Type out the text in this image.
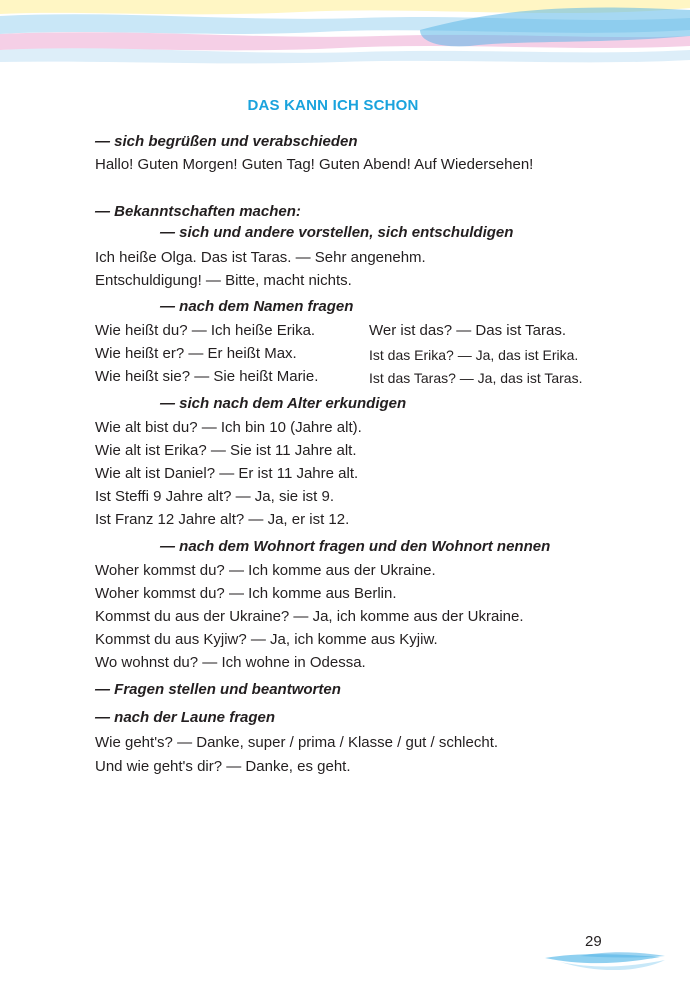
DAS KANN ICH SCHON
— sich begrüßen und verabschieden
Hallo! Guten Morgen! Guten Tag! Guten Abend! Auf Wiedersehen!
— Bekanntschaften machen:
— sich und andere vorstellen, sich entschuldigen
Ich heiße Olga. Das ist Taras. — Sehr angenehm.
Entschuldigung! — Bitte, macht nichts.
— nach dem Namen fragen
Wie heißt du? — Ich heiße Erika.	Wer ist das? — Das ist Taras.
Wie heißt er? — Er heißt Max.	Ist das Erika? — Ja, das ist Erika.
Wie heißt sie? — Sie heißt Marie.	Ist das Taras? — Ja, das ist Taras.
— sich nach dem Alter erkundigen
Wie alt bist du? — Ich bin 10 (Jahre alt).
Wie alt ist Erika? — Sie ist 11 Jahre alt.
Wie alt ist Daniel? — Er ist 11 Jahre alt.
Ist Steffi 9 Jahre alt? — Ja, sie ist 9.
Ist Franz 12 Jahre alt? — Ja, er ist 12.
— nach dem Wohnort fragen und den Wohnort nennen
Woher kommst du? — Ich komme aus der Ukraine.
Woher kommst du? — Ich komme aus Berlin.
Kommst du aus der Ukraine? — Ja, ich komme aus der Ukraine.
Kommst du aus Kyjiw? — Ja, ich komme aus Kyjiw.
Wo wohnst du? — Ich wohne in Odessa.
— Fragen stellen und beantworten
— nach der Laune fragen
Wie geht's? — Danke, super / prima / Klasse / gut / schlecht.
Und wie geht's dir? — Danke, es geht.
29
